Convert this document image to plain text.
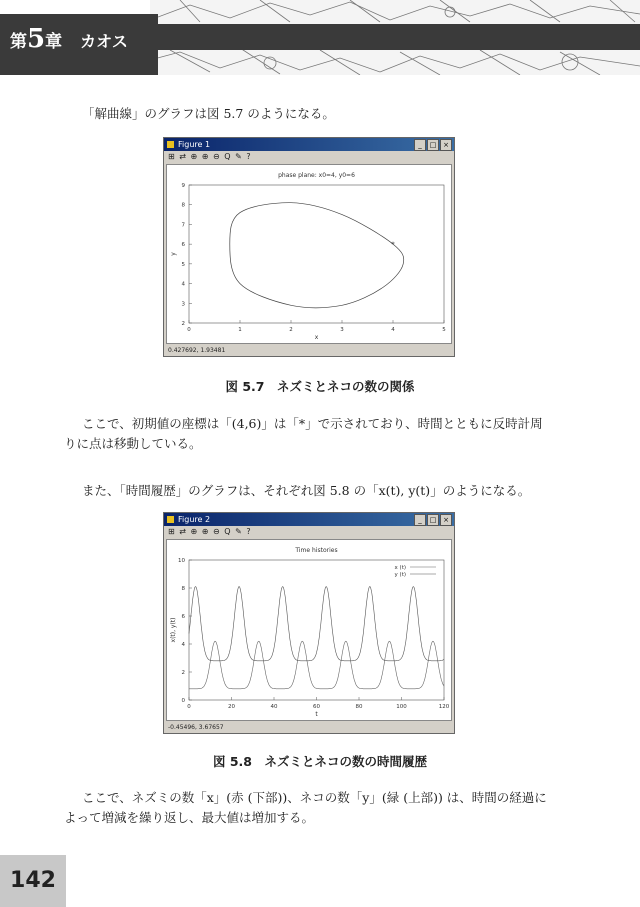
第5章 カオス

「解曲線」のグラフは図 5.7 のようになる。

Figure 1	_ □ ×
⊞ ⇄ ⊕ ⊕ ⊖ Q ✎ ?
phase plane: x0=4, y0=6
0	1	2	3	4	5
2
3
4
5
6
7
8
9
x
y
*
0.427692, 1.93481
図 5.7　ネズミとネコの数の関係

ここで、初期値の座標は「(4,6)」は「*」で示されており、時間とともに反時計周りに点は移動している。

また、「時間履歴」のグラフは、それぞれ図 5.8 の「x(t), y(t)」のようになる。

Figure 2	_ □ ×
⊞ ⇄ ⊕ ⊕ ⊖ Q ✎ ?
Time histories
0	20	40	60	80	100	120
0
2
4
6
8
10
t
x(t), y(t)
x (t)
y (t)
-0.45496, 3.67657
図 5.8　ネズミとネコの数の時間履歴

ここで、ネズミの数「x」(赤 (下部))、ネコの数「y」(緑 (上部)) は、時間の経過によって増減を繰り返し、最大値は増加する。

142
